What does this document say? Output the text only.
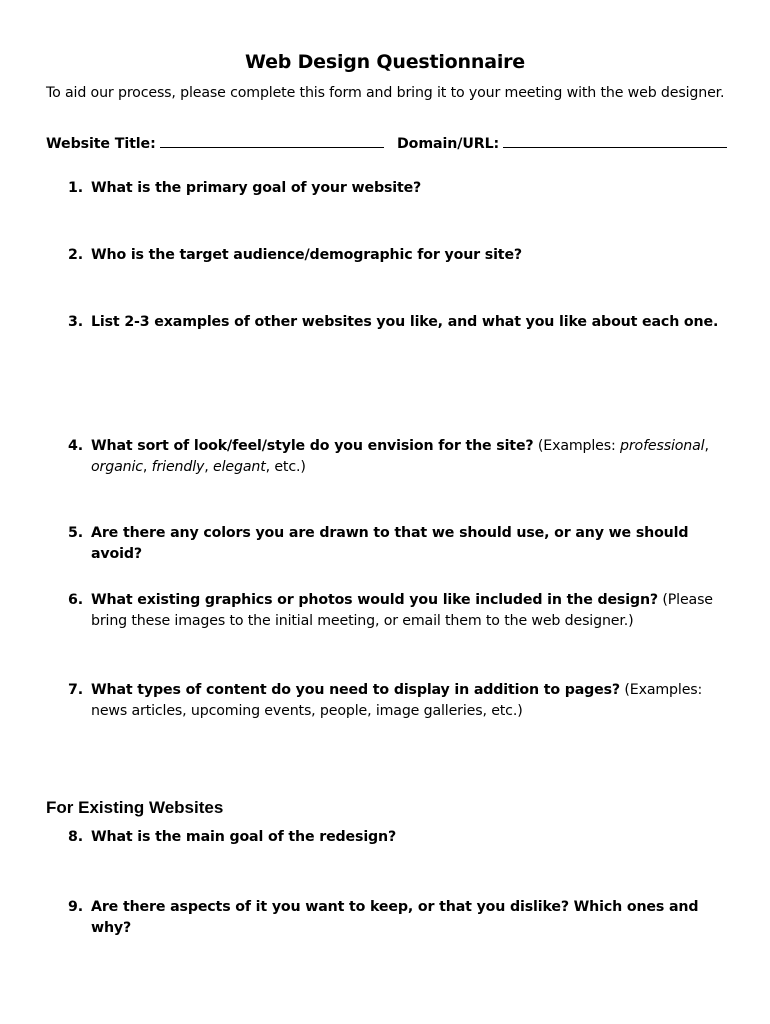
Web Design Questionnaire
To aid our process, please complete this form and bring it to your meeting with the web designer.
Website Title:	Domain/URL:
1. What is the primary goal of your website?
2. Who is the target audience/demographic for your site?
3. List 2-3 examples of other websites you like, and what you like about each one.
4. What sort of look/feel/style do you envision for the site? (Examples: professional, organic, friendly, elegant, etc.)
5. Are there any colors you are drawn to that we should use, or any we should avoid?
6. What existing graphics or photos would you like included in the design? (Please bring these images to the initial meeting, or email them to the web designer.)
7. What types of content do you need to display in addition to pages? (Examples: news articles, upcoming events, people, image galleries, etc.)
For Existing Websites
8. What is the main goal of the redesign?
9. Are there aspects of it you want to keep, or that you dislike? Which ones and why?
